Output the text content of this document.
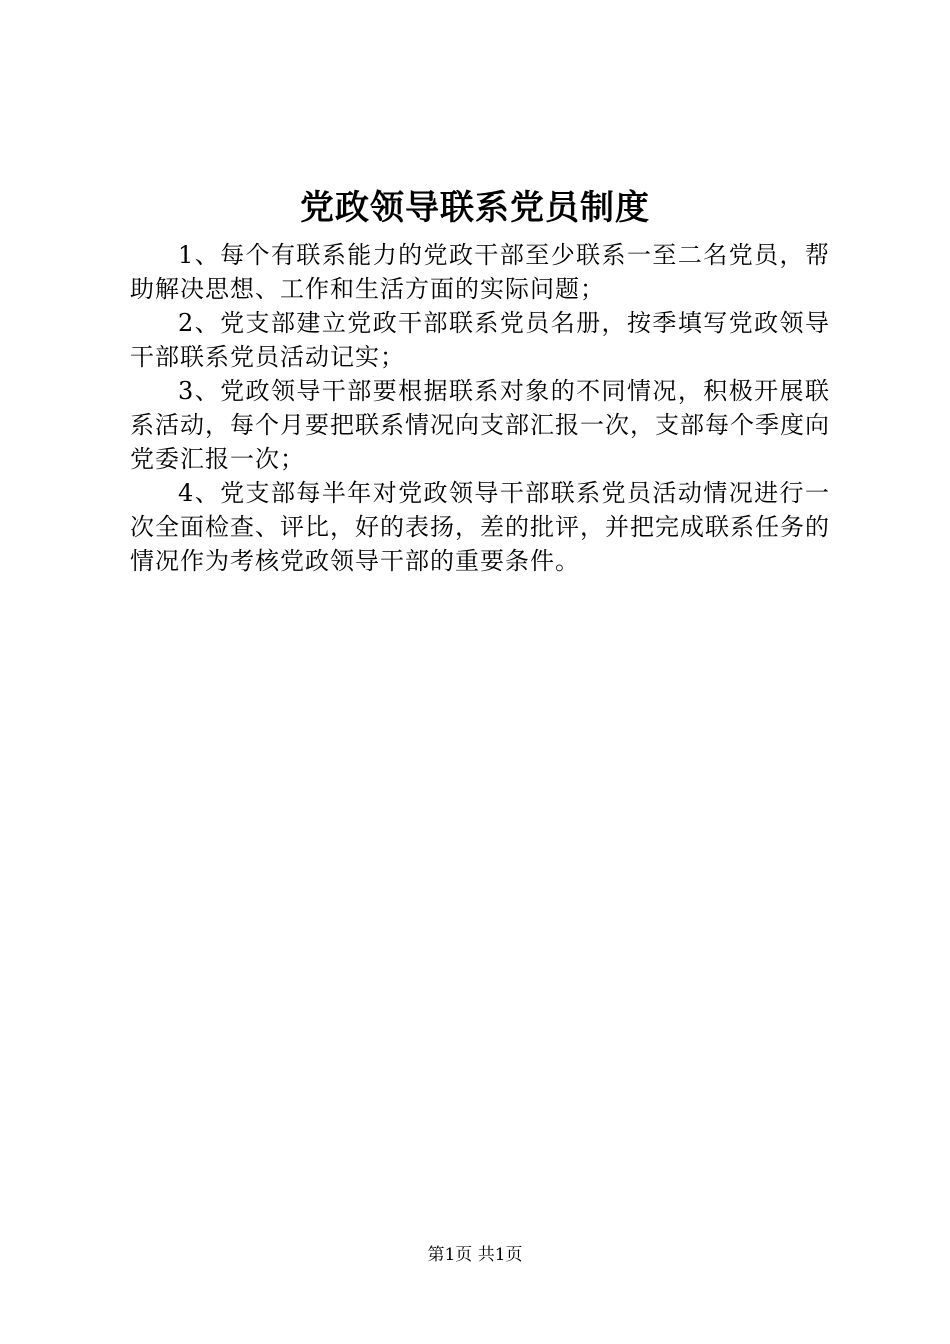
党政领导联系党员制度

1、每个有联系能力的党政干部至少联系一至二名党员，帮助解决思想、工作和生活方面的实际问题；

2、党支部建立党政干部联系党员名册，按季填写党政领导干部联系党员活动记实；

3、党政领导干部要根据联系对象的不同情况，积极开展联系活动，每个月要把联系情况向支部汇报一次，支部每个季度向党委汇报一次；

4、党支部每半年对党政领导干部联系党员活动情况进行一次全面检查、评比，好的表扬，差的批评，并把完成联系任务的情况作为考核党政领导干部的重要条件。

第1页 共1页
